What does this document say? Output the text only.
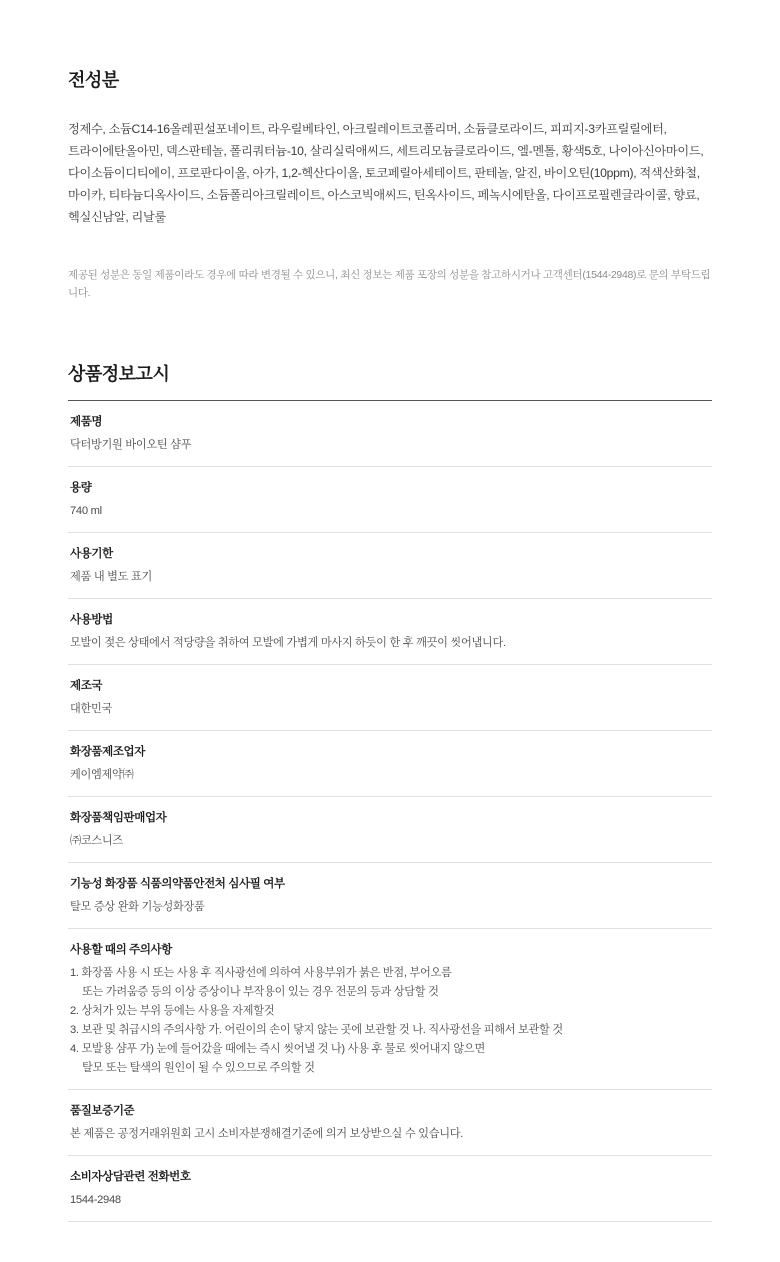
전성분

정제수, 소듐C14-16올레핀설포네이트, 라우릴베타인, 아크릴레이트코폴리머, 소듐클로라이드, 피피지-3카프릴릴에터, 트라이에탄올아민, 덱스판테놀, 폴리쿼터늄-10, 살리실릭애씨드, 세트리모늄클로라이드, 엘-멘톨, 황색5호, 나이아신아마이드, 다이소듐이디티에이, 프로판다이올, 아가, 1,2-헥산다이올, 토코페릴아세테이트, 판테놀, 알진, 바이오틴(10ppm), 적색산화철, 마이카, 티타늄디옥사이드, 소듐폴리아크릴레이트, 아스코빅애씨드, 틴옥사이드, 페녹시에탄올, 다이프로필렌글라이콜, 향료, 헥실신남알, 리날룰

제공된 성분은 동일 제품이라도 경우에 따라 변경될 수 있으니, 최신 정보는 제품 포장의 성분을 참고하시거나 고객센터(1544-2948)로 문의 부탁드립니다.

상품정보고시
제품명
닥터방기원 바이오틴 샴푸
용량
740 ml
사용기한
제품 내 별도 표기
사용방법
모발이 젖은 상태에서 적당량을 취하여 모발에 가볍게 마사지 하듯이 한 후 깨끗이 씻어냅니다.
제조국
대한민국
화장품제조업자
케이엠제약㈜
화장품책임판매업자
㈜코스니즈
기능성 화장품 식품의약품안전처 심사필 여부
탈모 증상 완화 기능성화장품
사용할 때의 주의사항
1. 화장품 사용 시 또는 사용 후 직사광선에 의하여 사용부위가 붉은 반점, 부어오름
또는 가려움증 등의 이상 증상이나 부작용이 있는 경우 전문의 등과 상담할 것
2. 상처가 있는 부위 등에는 사용을 자제할것
3. 보관 및 취급시의 주의사항 가. 어린이의 손이 닿지 않는 곳에 보관할 것 나. 직사광선을 피해서 보관할 것
4. 모발용 샴푸 가) 눈에 들어갔을 때에는 즉시 씻어낼 것 나) 사용 후 물로 씻어내지 않으면
탈모 또는 탈색의 원인이 될 수 있으므로 주의할 것
품질보증기준
본 제품은 공정거래위원회 고시 소비자분쟁해결기준에 의거 보상받으실 수 있습니다.
소비자상담관련 전화번호
1544-2948
